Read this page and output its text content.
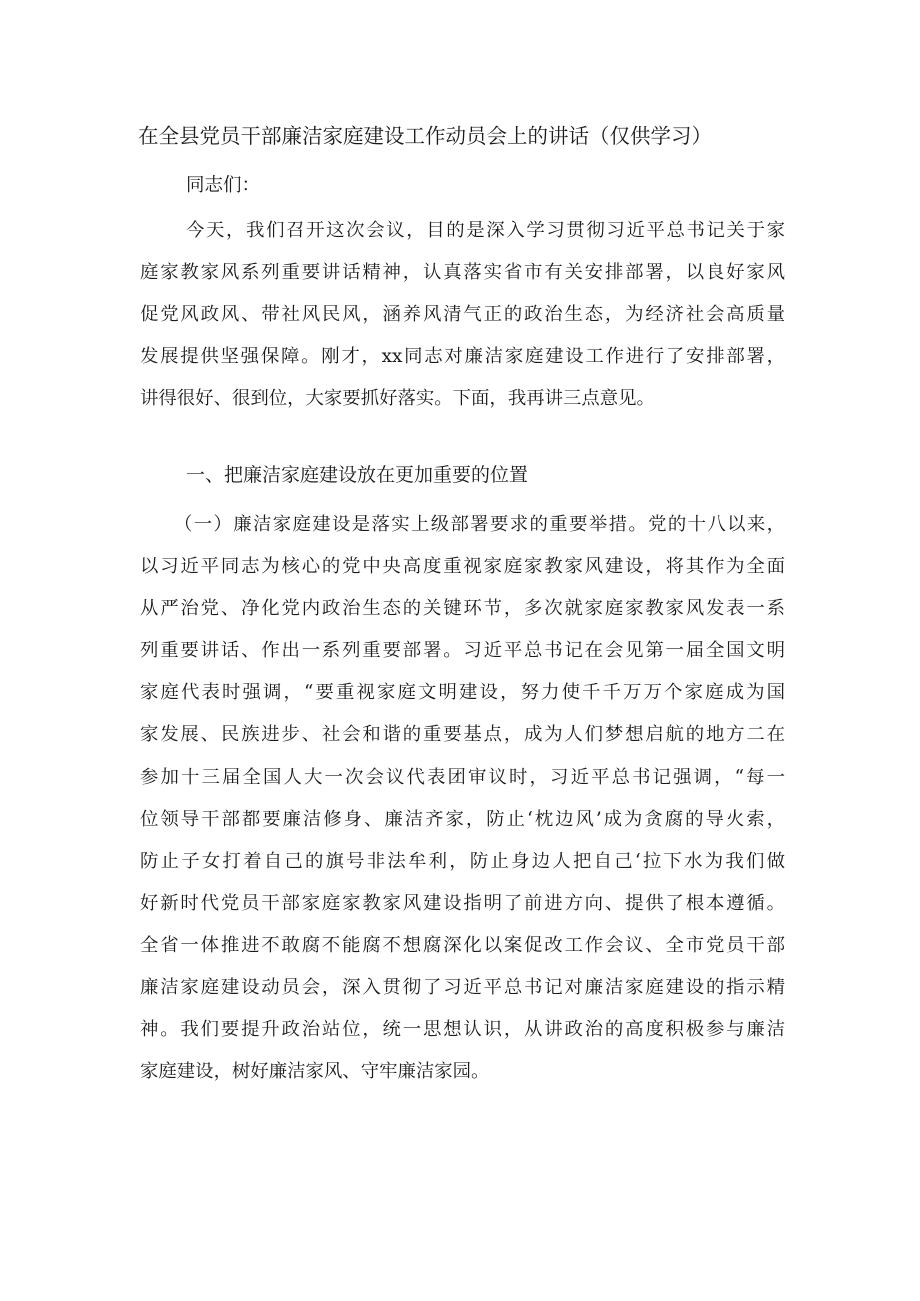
在全县党员干部廉洁家庭建设工作动员会上的讲话（仅供学习）
同志们：
今天，我们召开这次会议，目的是深入学习贯彻习近平总书记关于家
庭家教家风系列重要讲话精神，认真落实省市有关安排部署，以良好家风
促党风政风、带社风民风，涵养风清气正的政治生态，为经济社会高质量
发展提供坚强保障。刚才，xx同志对廉洁家庭建设工作进行了安排部署，
讲得很好、很到位，大家要抓好落实。下面，我再讲三点意见。
一、把廉洁家庭建设放在更加重要的位置
（一）廉洁家庭建设是落实上级部署要求的重要举措。党的十八以来，
以习近平同志为核心的党中央高度重视家庭家教家风建设，将其作为全面
从严治党、净化党内政治生态的关键环节，多次就家庭家教家风发表一系
列重要讲话、作出一系列重要部署。习近平总书记在会见第一届全国文明
家庭代表时强调，“要重视家庭文明建设，努力使千千万万个家庭成为国
家发展、民族进步、社会和谐的重要基点，成为人们梦想启航的地方二在
参加十三届全国人大一次会议代表团审议时，习近平总书记强调，“每一
位领导干部都要廉洁修身、廉洁齐家，防止‘枕边风’成为贪腐的导火索，
防止子女打着自己的旗号非法牟利，防止身边人把自己‘拉下水为我们做
好新时代党员干部家庭家教家风建设指明了前进方向、提供了根本遵循。
全省一体推进不敢腐不能腐不想腐深化以案促改工作会议、全市党员干部
廉洁家庭建设动员会，深入贯彻了习近平总书记对廉洁家庭建设的指示精
神。我们要提升政治站位，统一思想认识，从讲政治的高度积极参与廉洁
家庭建设，树好廉洁家风、守牢廉洁家园。
